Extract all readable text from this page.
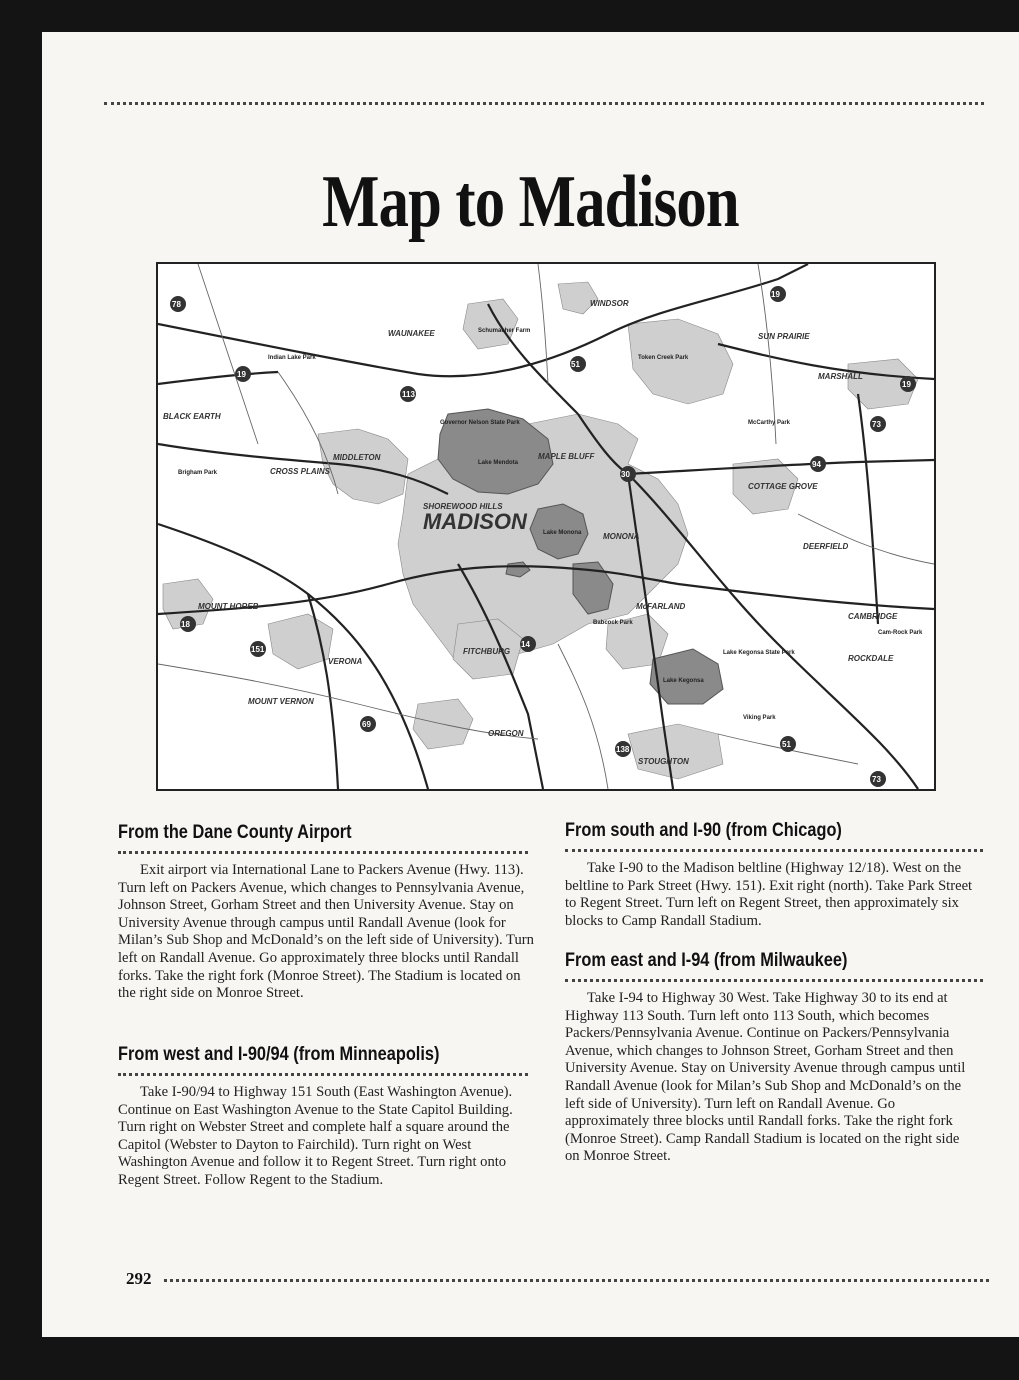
Map to Madison
78
19
51
19
19
73
94
30
18
151
69
138
51
73
113
14
MADISON
WINDSOR
WAUNAKEE	SUN PRAIRIE
MARSHALL
BLACK EARTH
MIDDLETON
CROSS PLAINS
SHOREWOOD HILLS
MAPLE BLUFF
COTTAGE GROVE
DEERFIELD
MONONA
McFARLAND
MOUNT HOREB
VERONA
FITCHBURG
MOUNT VERNON
OREGON
STOUGHTON
CAMBRIDGE
ROCKDALE
Lake Mendota
Lake Monona
Lake Kegonsa
Indian Lake Park
Schumacher Farm
Governor Nelson State Park	McCarthy Park
Lake Kegonsa State Park
Cam-Rock Park
Viking Park
Babcock Park
Brigham Park
Token Creek Park
From the Dane County Airport

Exit airport via International Lane to Packers Avenue (Hwy. 113). Turn left on Packers Avenue, which changes to Pennsylvania Avenue, Johnson Street, Gorham Street and then University Avenue. Stay on University Avenue through campus until Randall Avenue (look for Milan’s Sub Shop and McDonald’s on the left side of University). Turn left on Randall Avenue. Go approximately three blocks until Randall forks. Take the right fork (Monroe Street). The Stadium is located on the right side on Monroe Street.

From west and I-90/94 (from Minneapolis)

Take I-90/94 to Highway 151 South (East Washington Avenue). Continue on East Washington Avenue to the State Capitol Building. Turn right on Webster Street and complete half a square around the Capitol (Webster to Dayton to Fairchild). Turn right on West Washington Avenue and follow it to Regent Street. Turn right onto Regent Street. Follow Regent to the Stadium.

From south and I-90 (from Chicago)

Take I-90 to the Madison beltline (Highway 12/18). West on the beltline to Park Street (Hwy. 151). Exit right (north). Take Park Street to Regent Street. Turn left on Regent Street, then approximately six blocks to Camp Randall Stadium.

From east and I-94 (from Milwaukee)

Take I-94 to Highway 30 West. Take Highway 30 to its end at Highway 113 South. Turn left onto 113 South, which becomes Packers/Pennsylvania Avenue. Continue on Packers/Pennsylvania Avenue, which changes to Johnson Street, Gorham Street and then University Avenue. Stay on University Avenue through campus until Randall Avenue (look for Milan’s Sub Shop and McDonald’s on the left side of University). Turn left on Randall Avenue. Go approximately three blocks until Randall forks. Take the right fork (Monroe Street). Camp Randall Stadium is located on the right side on Monroe Street.

292
